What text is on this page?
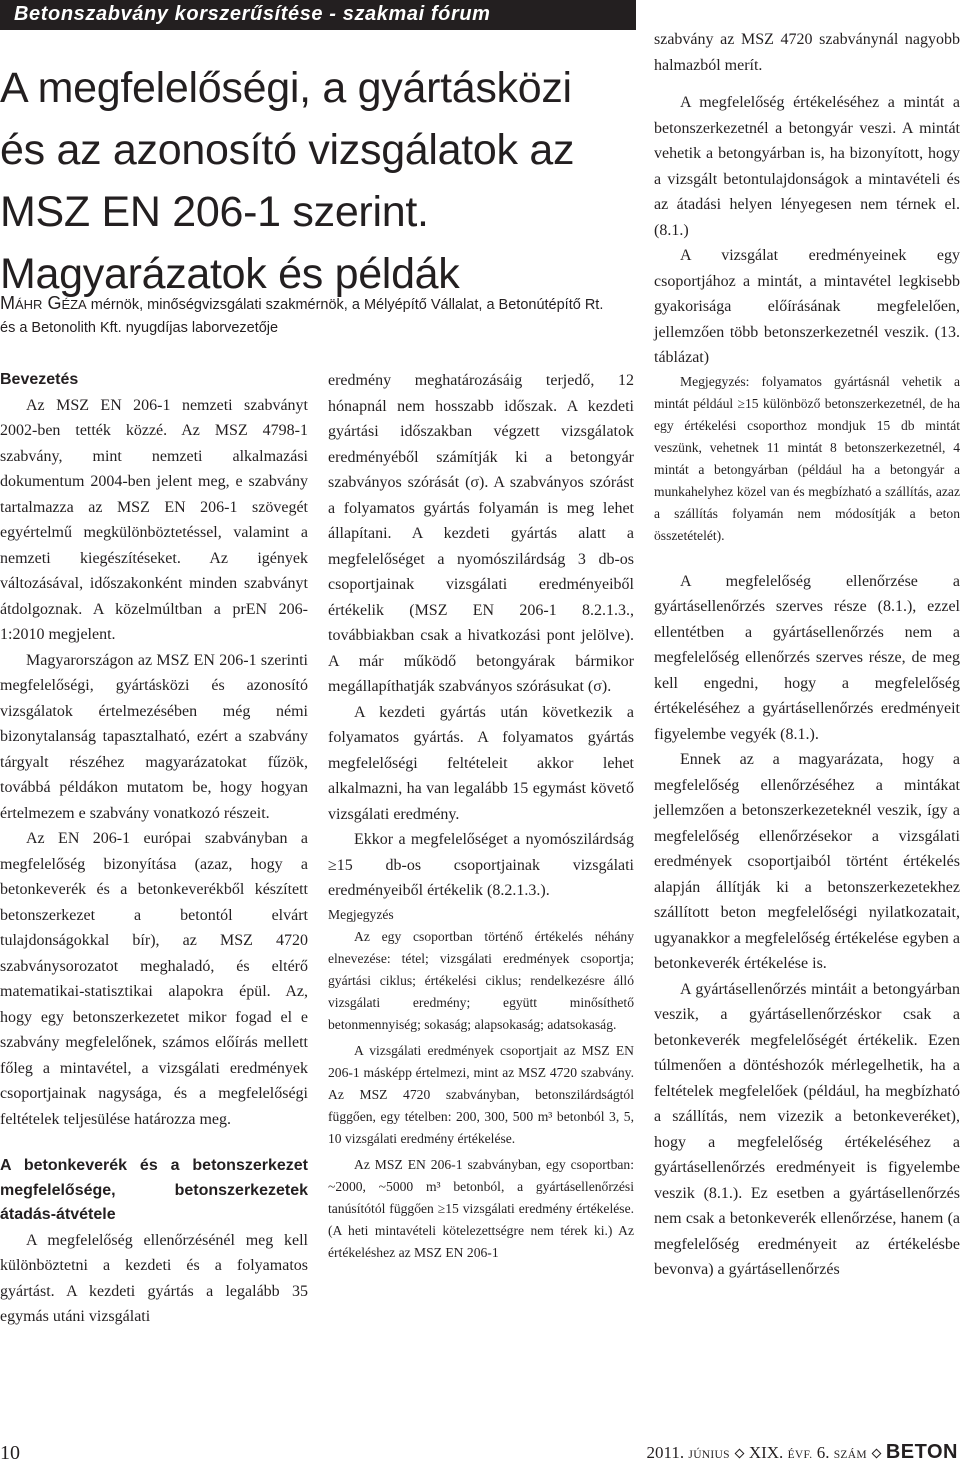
Betonszabvány korszerűsítése - szakmai fórum
A megfelelőségi, a gyártásközi
és az azonosító vizsgálatok az
MSZ EN 206-1 szerint.
Magyarázatok és példák
Máhr Géza mérnök, minőségvizsgálati szakmérnök, a Mélyépítő Vállalat, a Betonútépítő Rt. és a Betonolith Kft. nyugdíjas laborvezetője

Bevezetés

Az MSZ EN 206-1 nemzeti szabványt 2002-ben tették közzé. Az MSZ 4798-1 szabvány, mint nemzeti alkalmazási dokumentum 2004-ben jelent meg, e szabvány tartalmazza az MSZ EN 206-1 szövegét egyértelmű megkülönböztetéssel, valamint a nemzeti kiegészítéseket. Az igények változásával, időszakonként minden szabványt átdolgoznak. A közelmúltban a prEN 206-1:2010 megjelent.

Magyarországon az MSZ EN 206-1 szerinti megfelelőségi, gyártásközi és azonosító vizsgálatok értelmezésében még némi bizonytalanság tapasztalható, ezért a szabvány tárgyalt részéhez magyarázatokat fűzök, továbbá példákon mutatom be, hogy hogyan értelmezem e szabvány vonatkozó részeit.

Az EN 206-1 európai szabványban a megfelelőség bizonyítása (azaz, hogy a betonkeverék és a betonkeverékből készített betonszerkezet a betontól elvárt tulajdonságokkal bír), az MSZ 4720 szabványsorozatot meghaladó, és eltérő matematikai-statisztikai alapokra épül. Az, hogy egy betonszerkezetet mikor fogad el e szabvány megfelelőnek, számos előírás mellett főleg a mintavétel, a vizsgálati eredmények csoportjainak nagysága, és a megfelelőségi feltételek teljesülése határozza meg.

A betonkeverék és a betonszerkezet megfelelősége, betonszerkezetek átadás-átvétele

A megfelelőség ellenőrzésénél meg kell különböztetni a kezdeti és a folyamatos gyártást. A kezdeti gyártás a legalább 35 egymás utáni vizsgálati

eredmény meghatározásáig terjedő, 12 hónapnál nem hosszabb időszak. A kezdeti gyártási időszakban végzett vizsgálatok eredményéből számítják ki a betongyár szabványos szórását (σ). A szabványos szórást a folyamatos gyártás folyamán is meg lehet állapítani. A kezdeti gyártás alatt a megfelelőséget a nyomószilárdság 3 db-os csoportjainak vizsgálati eredményeiből értékelik (MSZ EN 206-1 8.2.1.3., továbbiakban csak a hivatkozási pont jelölve). A már működő betongyárak bármikor megállapíthatják szabványos szórásukat (σ).

A kezdeti gyártás után következik a folyamatos gyártás. A folyamatos gyártás megfelelőségi feltételeit akkor lehet alkalmazni, ha van legalább 15 egymást követő vizsgálati eredmény.

Ekkor a megfelelőséget a nyomószilárdság ≥15 db-os csoportjainak vizsgálati eredményeiből értékelik (8.2.1.3.).

Megjegyzés

Az egy csoportban történő értékelés néhány elnevezése: tétel; vizsgálati eredmények csoportja; gyártási ciklus; értékelési ciklus; rendelkezésre álló vizsgálati eredmény; együtt minősíthető betonmennyiség; sokaság; alapsokaság; adatsokaság.

A vizsgálati eredmények csoportjait az MSZ EN 206-1 másképp értelmezi, mint az MSZ 4720 szabvány. Az MSZ 4720 szabványban, betonszilárdságtól függően, egy tételben: 200, 300, 500 m³ betonból 3, 5, 10 vizsgálati eredmény értékelése.

Az MSZ EN 206-1 szabványban, egy csoportban: ~2000, ~5000 m³ betonból, a gyártásellenőrzési tanúsítótól függően ≥15 vizsgálati eredmény értékelése. (A heti mintavételi kötelezettségre nem térek ki.) Az értékeléshez az MSZ EN 206-1

szabvány az MSZ 4720 szabványnál nagyobb halmazból merít.

A megfelelőség értékeléséhez a mintát a betonszerkezetnél a betongyár veszi. A mintát vehetik a betongyárban is, ha bizonyított, hogy a vizsgált betontulajdonságok a mintavételi és az átadási helyen lényegesen nem térnek el. (8.1.)

A vizsgálat eredményeinek egy csoportjához a mintát, a mintavétel legkisebb gyakorisága előírásának megfelelően, jellemzően több betonszerkezetnél veszik. (13. táblázat)

Megjegyzés: folyamatos gyártásnál vehetik a mintát például ≥15 különböző betonszerkezetnél, de ha egy értékelési csoporthoz mondjuk 15 db mintát veszünk, vehetnek 11 mintát 8 betonszerkezetnél, 4 mintát a betongyárban (például ha a betongyár a munkahelyhez közel van és megbízható a szállítás, azaz a szállítás folyamán nem módosítják a beton összetételét).

A megfelelőség ellenőrzése a gyártásellenőrzés szerves része (8.1.), ezzel ellentétben a gyártásellenőrzés nem a megfelelőség ellenőrzés szerves része, de meg kell engedni, hogy a megfelelőség értékeléséhez a gyártásellenőrzés eredményeit figyelembe vegyék (8.1.).

Ennek az a magyarázata, hogy a megfelelőség ellenőrzéséhez a mintákat jellemzően a betonszerkezeteknél veszik, így a megfelelőség ellenőrzésekor a vizsgálati eredmények csoportjaiból történt értékelés alapján állítják ki a betonszerkezetekhez szállított beton megfelelőségi nyilatkozatait, ugyanakkor a megfelelőség értékelése egyben a betonkeverék értékelése is.

A gyártásellenőrzés mintáit a betongyárban veszik, a gyártásellenőrzéskor csak a betonkeverék megfelelőségét értékelik. Ezen túlmenően a döntéshozók mérlegelhetik, ha a feltételek megfelelőek (például, ha megbízható a szállítás, nem vizezik a betonkeveréket), hogy a megfelelőség értékeléséhez a gyártásellenőrzés eredményeit is figyelembe veszik (8.1.). Ez esetben a gyártásellenőrzés nem csak a betonkeverék ellenőrzése, hanem (a megfelelőség eredményeit az értékelésbe bevonva) a gyártásellenőrzés

10	2011. JÚNIUS XIX. ÉVF. 6. SZÁM BETON
